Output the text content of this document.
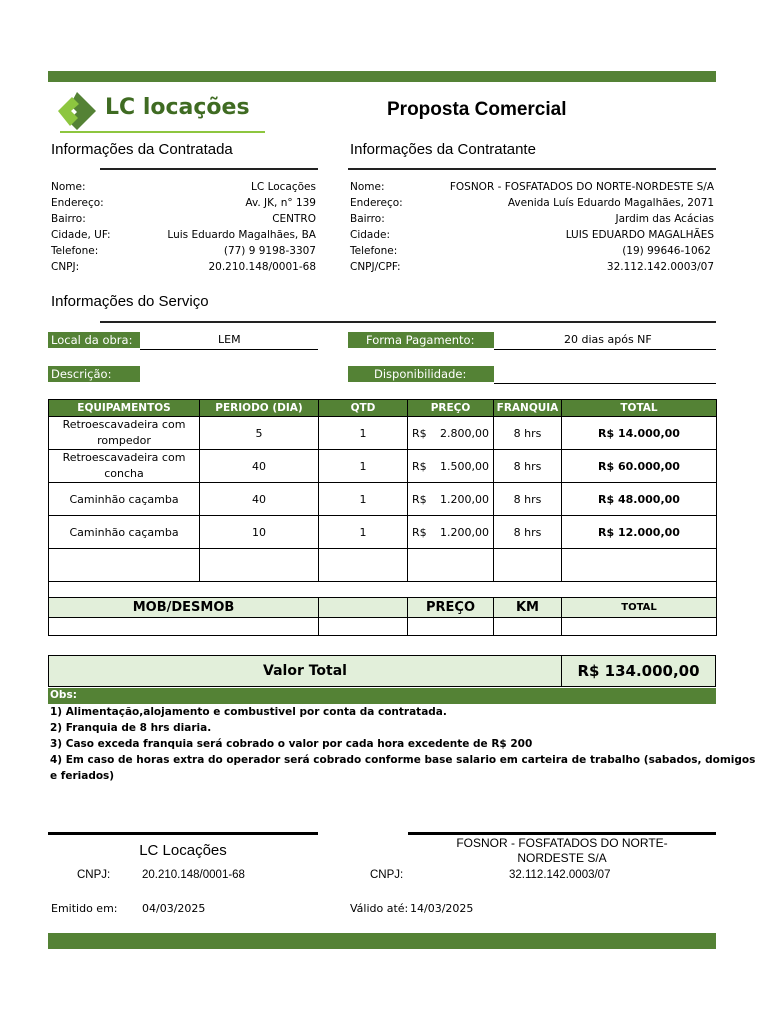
LC locações	Proposta Comercial
Informações da Contratada	Informações da Contratante
Nome:	LC Locações
Endereço:	Av. JK, n° 139
Bairro:	CENTRO
Cidade, UF:	Luis Eduardo Magalhães, BA
Telefone:	(77) 9 9198-3307
CNPJ:	20.210.148/0001-68
Nome:	FOSNOR - FOSFATADOS DO NORTE-NORDESTE S/A
Endereço:	Avenida Luís Eduardo Magalhães, 2071
Bairro:	Jardim das Acácias
Cidade:	LUIS EDUARDO MAGALHÃES
Telefone:	(19) 99646-1062
CNPJ/CPF:	32.112.142.0003/07
Informações do Serviço
Local da obra:	LEM	Forma Pagamento:	20 dias após NF
Descrição:	Disponibilidade:
EQUIPAMENTOS	PERIODO (DIA)	QTD	PREÇO	FRANQUIA	TOTAL
Retroescavadeira com rompedor	5	1	R$ 2.800,00	8 hrs	R$ 14.000,00
Retroescavadeira com concha	40	1	R$ 1.500,00	8 hrs	R$ 60.000,00
Caminhão caçamba	40	1	R$ 1.200,00	8 hrs	R$ 48.000,00
Caminhão caçamba	10	1	R$ 1.200,00	8 hrs	R$ 12.000,00

MOB/DESMOB			PREÇO	KM	TOTAL

Valor Total	R$ 134.000,00
Obs:
1) Alimentação,alojamento e combustivel por conta da contratada.
2) Franquia de 8 hrs diaria.
3) Caso exceda franquia será cobrado o valor por cada hora excedente de R$ 200
4) Em caso de horas extra do operador será cobrado conforme base salario em carteira de trabalho (sabados, domigos
e feriados)
LC Locações	FOSNOR - FOSFATADOS DO NORTE-
NORDESTE S/A
CNPJ:	20.210.148/0001-68	CNPJ:	32.112.142.0003/07
Emitido em: 04/03/2025	Válido até: 14/03/2025
